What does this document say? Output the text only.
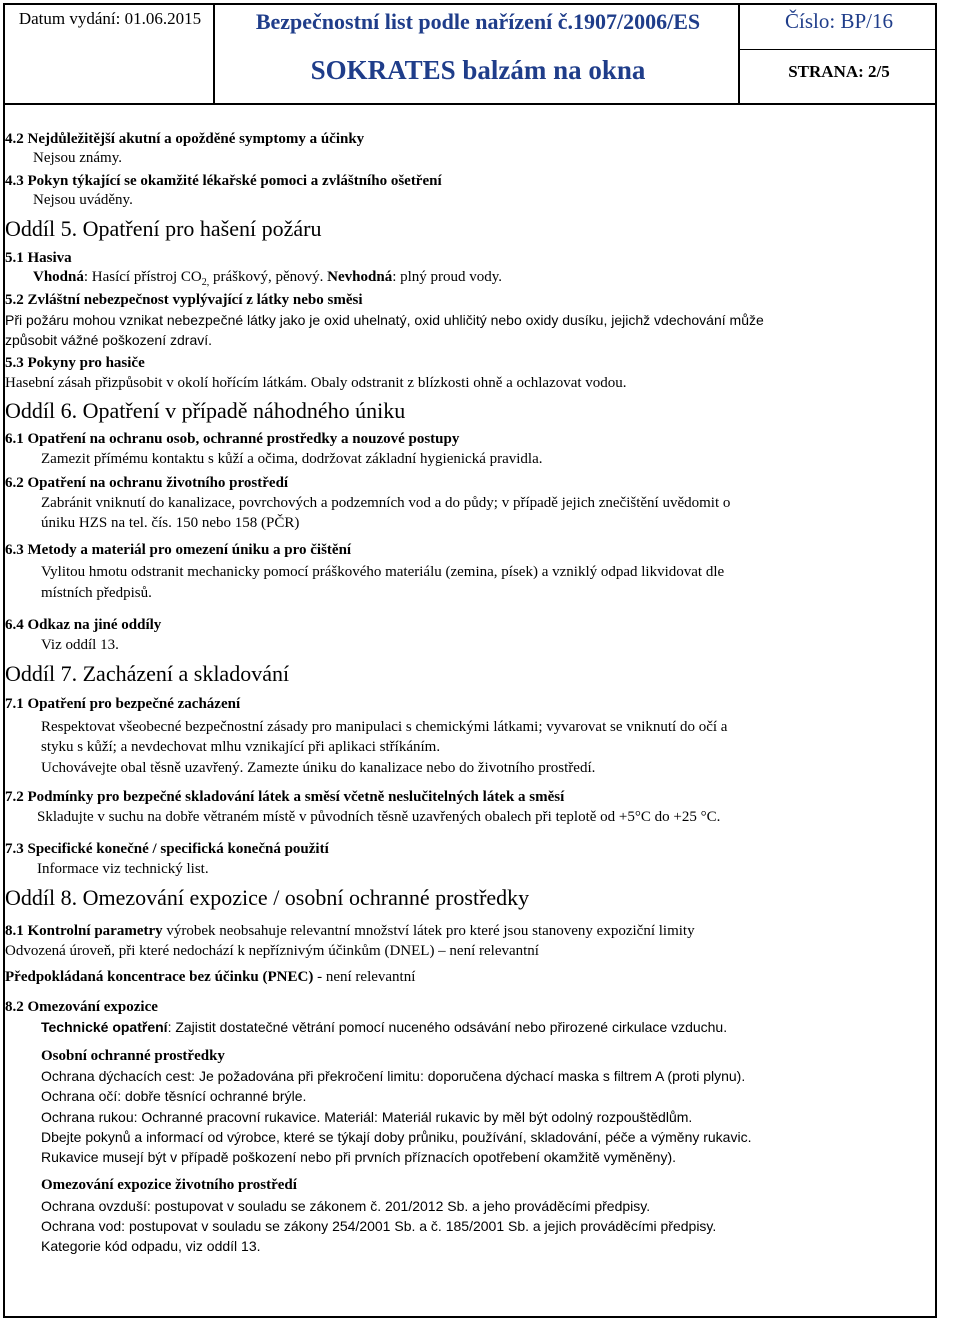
Datum vydání: 01.06.2015	Bezpečnostní list podle nařízení č.1907/2006/ES	Číslo: BP/16
SOKRATES balzám na okna	STRANA: 2/5
4.2 Nejdůležitější akutní a opožděné symptomy a účinky
Nejsou známy.
4.3 Pokyn týkající se okamžité lékařské pomoci a zvláštního ošetření
Nejsou uváděny.
Oddíl 5. Opatření pro hašení požáru
5.1 Hasiva
Vhodná: Hasící přístroj $CO_{2,}$ práškový, pěnový. Nevhodná: plný proud vody.
5.2 Zvláštní nebezpečnost vyplývající z látky nebo směsi
Při požáru mohou vznikat nebezpečné látky jako je oxid uhelnatý, oxid uhličitý nebo oxidy dusíku, jejichž vdechování může
způsobit vážné poškození zdraví.
5.3 Pokyny pro hasiče
Hasební zásah přizpůsobit v okolí hořícím látkám. Obaly odstranit z blízkosti ohně a ochlazovat vodou.
Oddíl 6. Opatření v případě náhodného úniku
6.1 Opatření na ochranu osob, ochranné prostředky a nouzové postupy
Zamezit přímému kontaktu s kůží a očima, dodržovat základní hygienická pravidla.
6.2 Opatření na ochranu životního prostředí
Zabránit vniknutí do kanalizace, povrchových a podzemních vod a do půdy; v případě jejich znečištění uvědomit o
úniku HZS na tel. čís. 150 nebo 158 (PČR)
6.3 Metody a materiál pro omezení úniku a pro čištění
Vylitou hmotu odstranit mechanicky pomocí práškového materiálu (zemina, písek) a vzniklý odpad likvidovat dle
místních předpisů.
6.4 Odkaz na jiné oddíly
Viz oddíl 13.
Oddíl 7. Zacházení a skladování
7.1 Opatření pro bezpečné zacházení
Respektovat všeobecné bezpečnostní zásady pro manipulaci s chemickými látkami; vyvarovat se vniknutí do očí a
styku s kůží; a nevdechovat mlhu vznikající při aplikaci stříkáním.
Uchovávejte obal těsně uzavřený. Zamezte úniku do kanalizace nebo do životního prostředí.
7.2 Podmínky pro bezpečné skladování látek a směsí včetně neslučitelných látek a směsí
Skladujte v suchu na dobře větraném místě v původních těsně uzavřených obalech při teplotě od +5°C do +25 °C.
7.3 Specifické konečné / specifická konečná použití
Informace viz technický list.
Oddíl 8. Omezování expozice / osobní ochranné prostředky
8.1 Kontrolní parametry výrobek neobsahuje relevantní množství látek pro které jsou stanoveny expoziční limity
Odvozená úroveň, při které nedochází k nepříznivým účinkům (DNEL) – není relevantní
Předpokládaná koncentrace bez účinku (PNEC) - není relevantní
8.2 Omezování expozice
Technické opatření: Zajistit dostatečné větrání pomocí nuceného odsávání nebo přirozené cirkulace vzduchu.
Osobní ochranné prostředky
Ochrana dýchacích cest: Je požadována při překročení limitu: doporučena dýchací maska s filtrem A (proti plynu).
Ochrana očí: dobře těsnící ochranné brýle.
Ochrana rukou: Ochranné pracovní rukavice. Materiál: Materiál rukavic by měl být odolný rozpouštědlům.
Dbejte pokynů a informací od výrobce, které se týkají doby průniku, používání, skladování, péče a výměny rukavic.
Rukavice musejí být v případě poškození nebo při prvních příznacích opotřebení okamžitě vyměněny).
Omezování expozice životního prostředí
Ochrana ovzduší: postupovat v souladu se zákonem č. 201/2012 Sb. a jeho prováděcími předpisy.
Ochrana vod: postupovat v souladu se zákony 254/2001 Sb. a č. 185/2001 Sb. a jejich prováděcími předpisy.
Kategorie kód odpadu, viz oddíl 13.
